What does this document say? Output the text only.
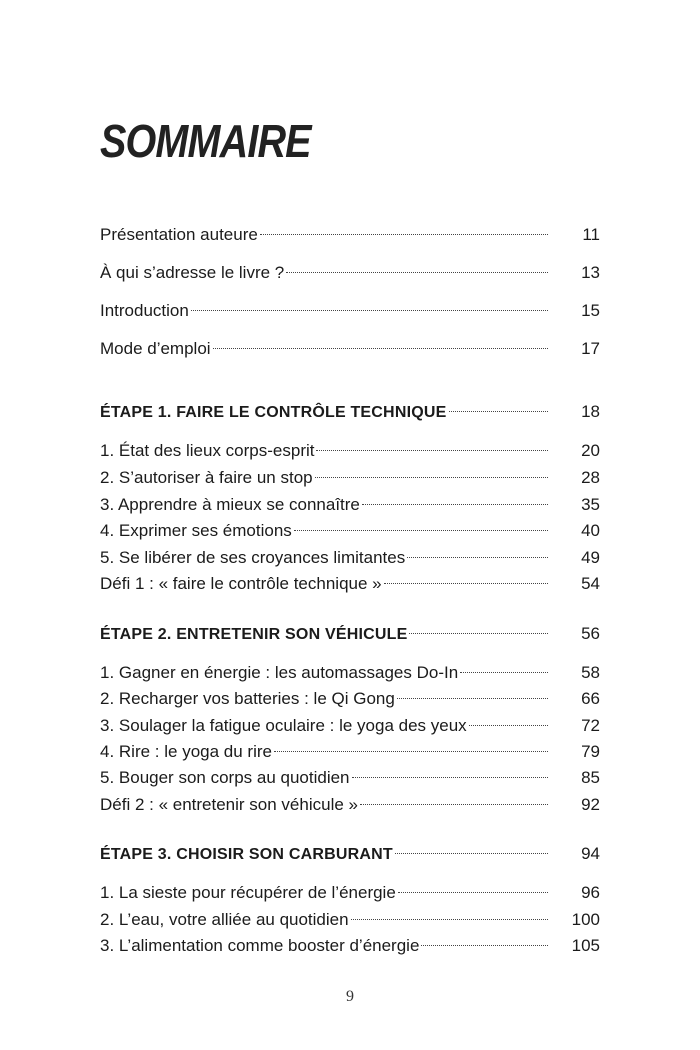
SOMMAIRE
Présentation auteure	11
À qui s’adresse le livre ?	13
Introduction	15
Mode d’emploi	17
ÉTAPE 1. FAIRE LE CONTRÔLE TECHNIQUE	18
1. État des lieux corps-esprit	20
2. S’autoriser à faire un stop	28
3. Apprendre à mieux se connaître	35
4. Exprimer ses émotions	40
5. Se libérer de ses croyances limitantes	49
Défi 1 : « faire le contrôle technique »	54
ÉTAPE 2. ENTRETENIR SON VÉHICULE	56
1. Gagner en énergie : les automassages Do-In	58
2. Recharger vos batteries : le Qi Gong	66
3. Soulager la fatigue oculaire : le yoga des yeux	72
4. Rire : le yoga du rire	79
5. Bouger son corps au quotidien	85
Défi 2 : « entretenir son véhicule »	92
ÉTAPE 3. CHOISIR SON CARBURANT	94
1. La sieste pour récupérer de l’énergie	96
2. L’eau, votre alliée au quotidien	100
3. L’alimentation comme booster d’énergie	105
9
